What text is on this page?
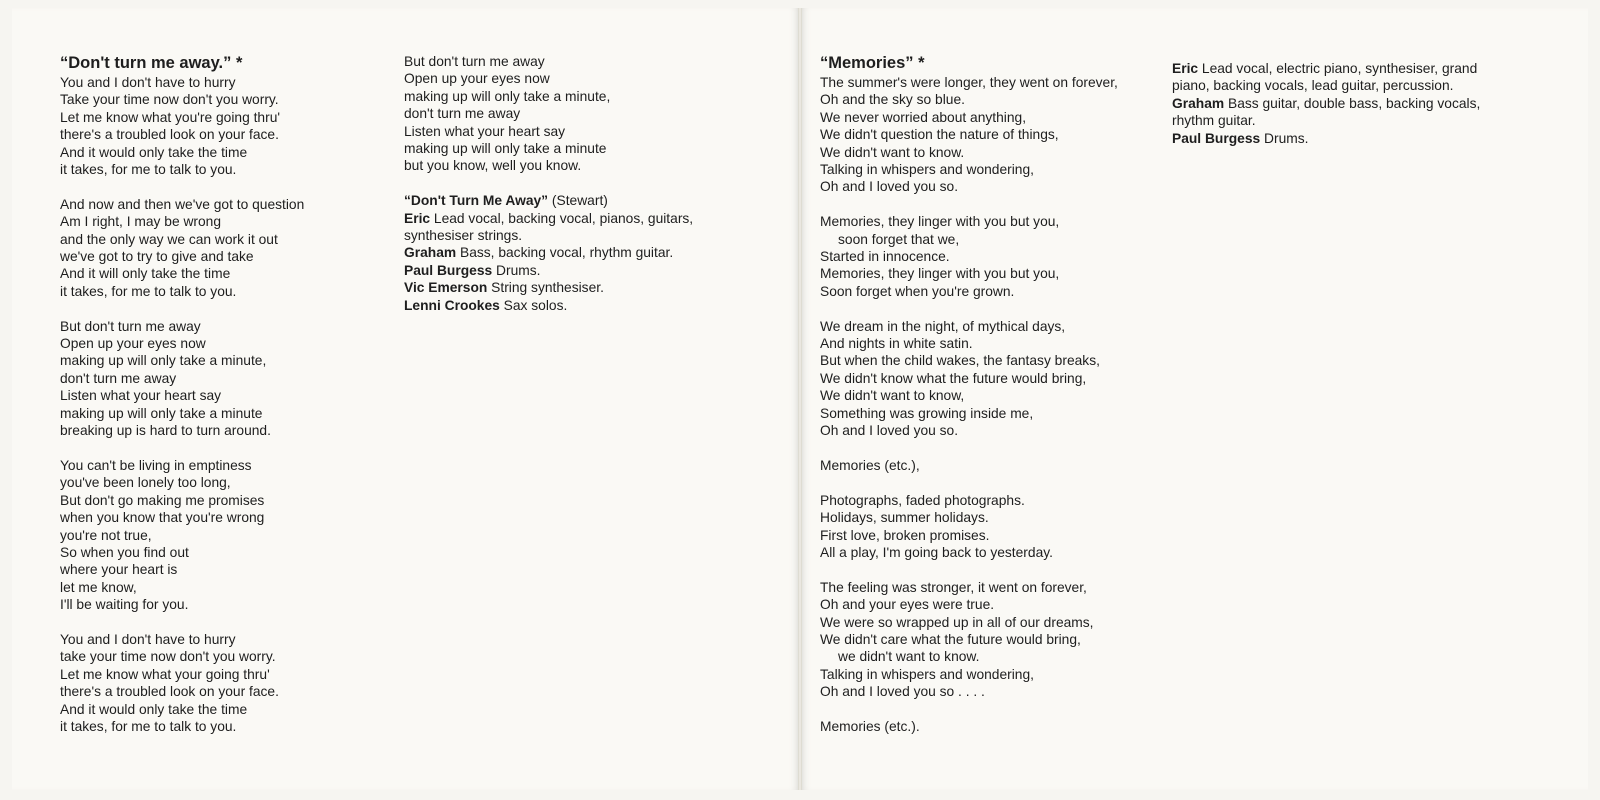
“Don't turn me away.” *
You and I don't have to hurry
Take your time now don't you worry.
Let me know what you're going thru'
there's a troubled look on your face.
And it would only take the time
it takes, for me to talk to you.
And now and then we've got to question
Am I right, I may be wrong
and the only way we can work it out
we've got to try to give and take
And it will only take the time
it takes, for me to talk to you.
But don't turn me away
Open up your eyes now
making up will only take a minute,
don't turn me away
Listen what your heart say
making up will only take a minute
breaking up is hard to turn around.
You can't be living in emptiness
you've been lonely too long,
But don't go making me promises
when you know that you're wrong
you're not true,
So when you find out
where your heart is
let me know,
I'll be waiting for you.
You and I don't have to hurry
take your time now don't you worry.
Let me know what your going thru'
there's a troubled look on your face.
And it would only take the time
it takes, for me to talk to you.
But don't turn me away
Open up your eyes now
making up will only take a minute,
don't turn me away
Listen what your heart say
making up will only take a minute
but you know, well you know.
“Don't Turn Me Away” (Stewart)
Eric Lead vocal, backing vocal, pianos, guitars, synthesiser strings.
Graham Bass, backing vocal, rhythm guitar.
Paul Burgess Drums.
Vic Emerson String synthesiser.
Lenni Crookes Sax solos.
“Memories” *
The summer's were longer, they went on forever,
Oh and the sky so blue.
We never worried about anything,
We didn't question the nature of things,
We didn't want to know.
Talking in whispers and wondering,
Oh and I loved you so.
Memories, they linger with you but you,
soon forget that we,
Started in innocence.
Memories, they linger with you but you,
Soon forget when you're grown.
We dream in the night, of mythical days,
And nights in white satin.
But when the child wakes, the fantasy breaks,
We didn't know what the future would bring,
We didn't want to know,
Something was growing inside me,
Oh and I loved you so.
Memories (etc.),
Photographs, faded photographs.
Holidays, summer holidays.
First love, broken promises.
All a play, I'm going back to yesterday.
The feeling was stronger, it went on forever,
Oh and your eyes were true.
We were so wrapped up in all of our dreams,
We didn't care what the future would bring,
we didn't want to know.
Talking in whispers and wondering,
Oh and I loved you so . . . .
Memories (etc.).
Eric Lead vocal, electric piano, synthesiser, grand piano, backing vocals, lead guitar, percussion.
Graham Bass guitar, double bass, backing vocals, rhythm guitar.
Paul Burgess Drums.
